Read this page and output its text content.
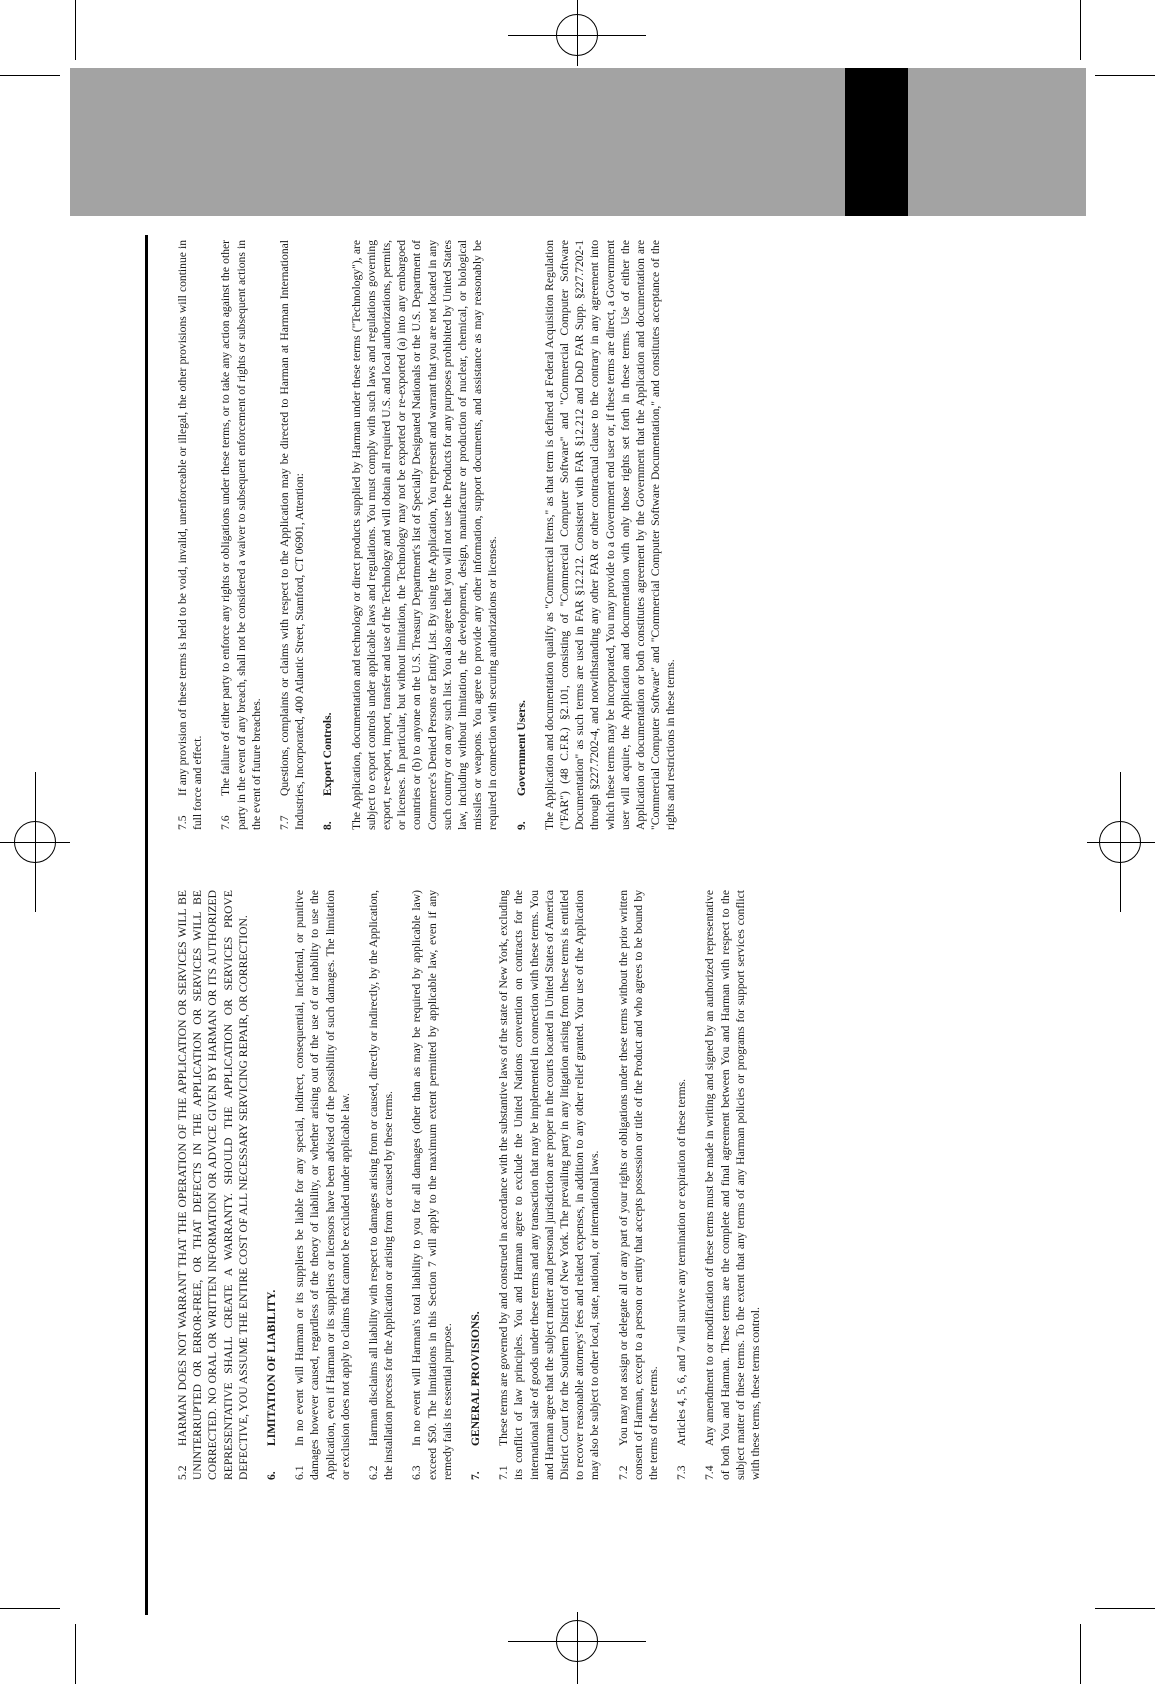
5.2HARMAN DOES NOT WARRANT THAT THE OPERATION OF THE APPLICATION OR SERVICES WILL BE UNINTERRUPTED OR ERROR-FREE, OR THAT DEFECTS IN THE APPLICATION OR SERVICES WILL BE CORRECTED. NO ORAL OR WRITTEN INFORMATION OR ADVICE GIVEN BY HARMAN OR ITS AUTHORIZED REPRESENTATIVE SHALL CREATE A WARRANTY. SHOULD THE APPLICATION OR SERVICES PROVE DEFECTIVE, YOU ASSUME THE ENTIRE COST OF ALL NECESSARY SERVICING REPAIR, OR CORRECTION. 6.LIMITATION OF LIABILITY.

6.1In no event will Harman or its suppliers be liable for any special, indirect, consequential, incidental, or punitive damages however caused, regardless of the theory of liability, or whether arising out of the use of or inability to use the Application, even if Harman or its suppliers or licensors have been advised of the possibility of such damages. The limitation or exclusion does not apply to claims that cannot be excluded under applicable law. 6.2Harman disclaims all liability with respect to damages arising from or caused, directly or indirectly, by the Application, the installation process for the Application or arising from or caused by these terms. 6.3In no event will Harman's total liability to you for all damages (other than as may be required by applicable law) exceed $50. The limitations in this Section 7 will apply to the maximum extent permitted by applicable law, even if any remedy fails its essential purpose. 7.GENERAL PROVISIONS.

7.1These terms are governed by and construed in accordance with the substantive laws of the state of New York, excluding its conflict of law principles. You and Harman agree to exclude the United Nations convention on contracts for the international sale of goods under these terms and any transaction that may be implemented in connection with these terms. You and Harman agree that the subject matter and personal jurisdiction are proper in the courts located in United States of America District Court for the Southern District of New York. The prevailing party in any litigation arising from these terms is entitled to recover reasonable attorneys' fees and related expenses, in addition to any other relief granted. Your use of the Application may also be subject to other local, state, national, or international laws. 7.2You may not assign or delegate all or any part of your rights or obligations under these terms without the prior written consent of Harman, except to a person or entity that accepts possession or title of the Product and who agrees to be bound by the terms of these terms. 7.3Articles 4, 5, 6, and 7 will survive any termination or expiration of these terms.

7.4Any amendment to or modification of these terms must be made in writing and signed by an authorized representative of both You and Harman. These terms are the complete and final agreement between You and Harman with respect to the subject matter of these terms. To the extent that any terms of any Harman policies or programs for support services conflict with these terms, these terms control.

7.5If any provision of these terms is held to be void, invalid, unenforceable or illegal, the other provisions will continue in full force and effect. 7.6The failure of either party to enforce any rights or obligations under these terms, or to take any action against the other party in the event of any breach, shall not be considered a waiver to subsequent enforcement of rights or subsequent actions in the event of future breaches. 7.7Questions, complaints or claims with respect to the Application may be directed to Harman at Harman International Industries, Incorporated, 400 Atlantic Street, Stamford, CT 06901, Attention: 8.Export Controls. The Application, documentation and technology or direct products supplied by Harman under these terms ("Technology"), are subject to export controls under applicable laws and regulations. You must comply with such laws and regulations governing export, re-export, import, transfer and use of the Technology and will obtain all required U.S. and local authorizations, permits, or licenses. In particular, but without limitation, the Technology may not be exported or re-exported (a) into any embargoed countries or (b) to anyone on the U.S. Treasury Department's list of Specially Designated Nationals or the U.S. Department of Commerce's Denied Persons or Entity List. By using the Application, You represent and warrant that you are not located in any such country or on any such list. You also agree that you will not use the Products for any purposes prohibited by United States law, including without limitation, the development, design, manufacture or production of nuclear, chemical, or biological missiles or weapons. You agree to provide any other information, support documents, and assistance as may reasonably be required in connection with securing authorizations or licenses. 9.Government Users. The Application and documentation qualify as "Commercial Items," as that term is defined at Federal Acquisition Regulation ("FAR") (48 C.F.R.) §2.101, consisting of "Commercial Computer Software" and "Commercial Computer Software Documentation" as such terms are used in FAR §12.212. Consistent with FAR §12.212 and DoD FAR Supp. §227.7202-1 through §227.7202-4, and notwithstanding any other FAR or other contractual clause to the contrary in any agreement into which these terms may be incorporated, You may provide to a Government end user or, if these terms are direct, a Government user will acquire, the Application and documentation with only those rights set forth in these terms. Use of either the Application or documentation or both constitutes agreement by the Government that the Application and documentation are "Commercial Computer Software" and "Commercial Computer Software Documentation," and constitutes acceptance of the rights and restrictions in these terms.
